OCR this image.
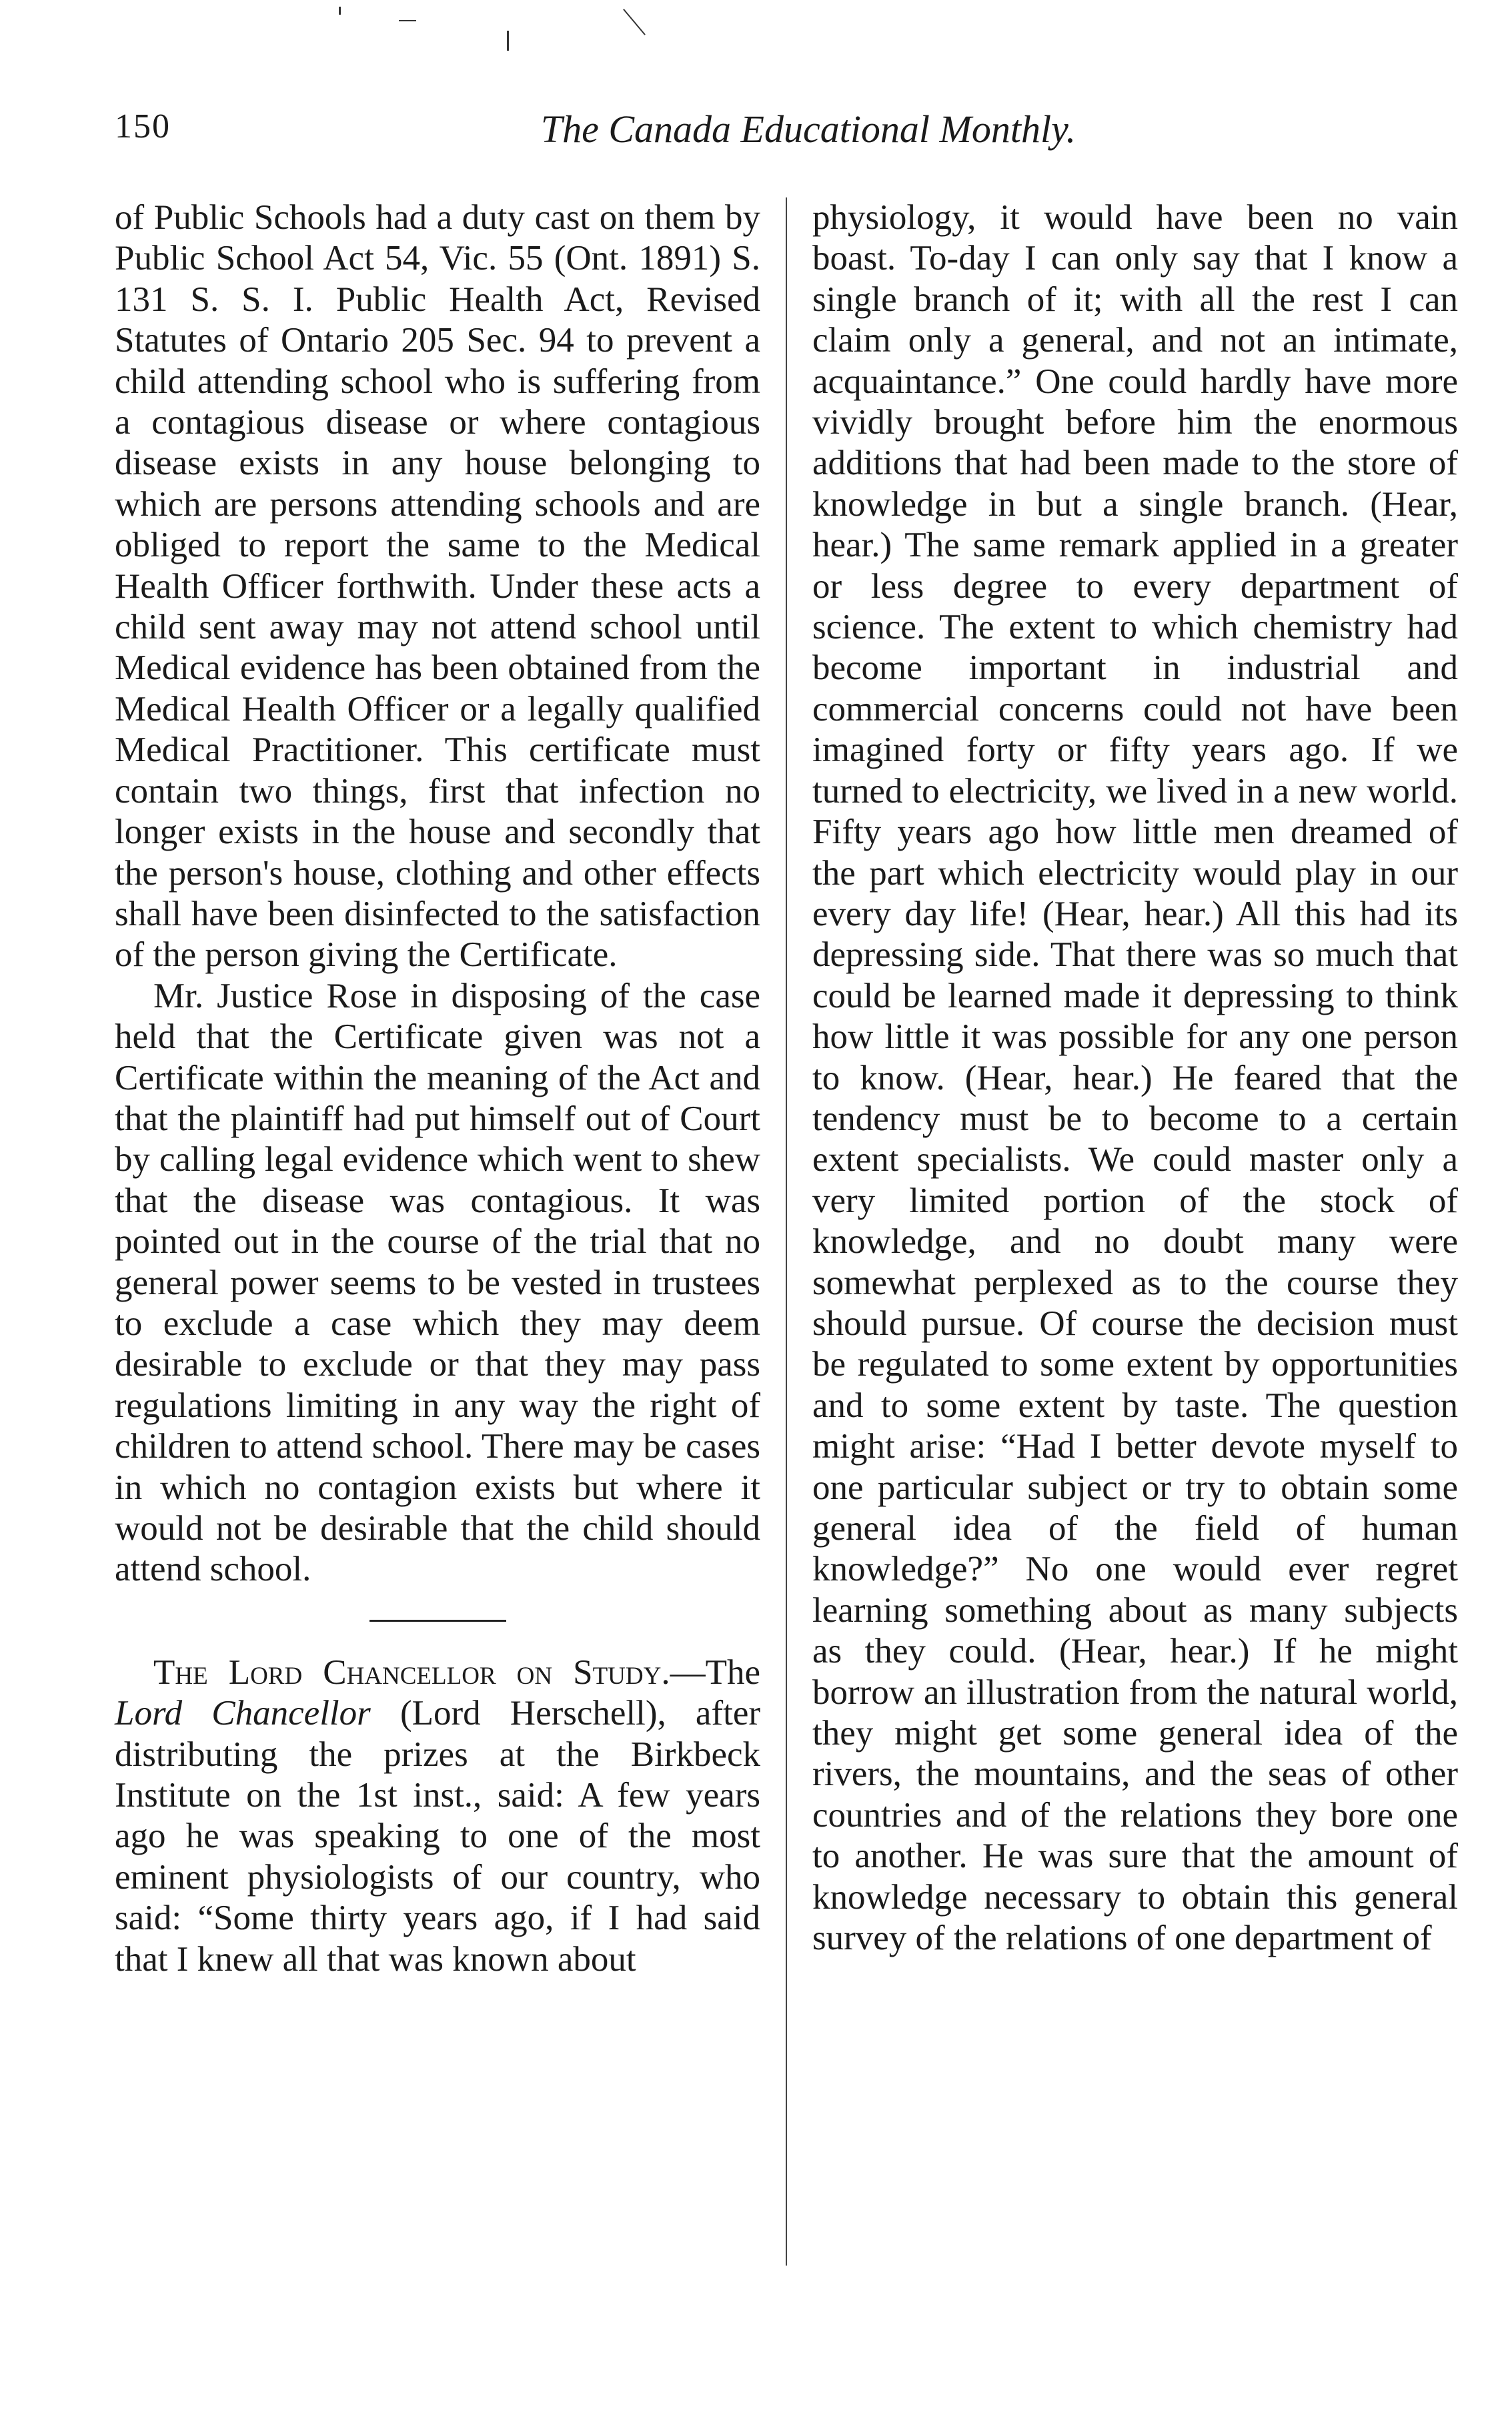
150	The Canada Educational Monthly.

of Public Schools had a duty cast on them by Public School Act 54, Vic. 55 (Ont. 1891) S. 131 S. S. I. Public Health Act, Revised Statutes of Ontario 205 Sec. 94 to prevent a child attending school who is suffering from a contagious disease or where contagious disease exists in any house belonging to which are persons attending schools and are obliged to report the same to the Medical Health Officer forthwith. Under these acts a child sent away may not attend school until Medical evidence has been obtained from the Medical Health Officer or a legally qualified Medical Practitioner. This certificate must contain two things, first that infection no longer exists in the house and secondly that the person's house, clothing and other effects shall have been disinfected to the satisfaction of the person giving the Certificate.

Mr. Justice Rose in disposing of the case held that the Certificate given was not a Certificate within the meaning of the Act and that the plaintiff had put himself out of Court by calling legal evidence which went to shew that the disease was contagious. It was pointed out in the course of the trial that no general power seems to be vested in trustees to exclude a case which they may deem desirable to exclude or that they may pass regulations limiting in any way the right of children to attend school. There may be cases in which no contagion exists but where it would not be desirable that the child should attend school.

The Lord Chancellor on Study.—The Lord Chancellor (Lord Herschell), after distributing the prizes at the Birkbeck Institute on the 1st inst., said: A few years ago he was speaking to one of the most eminent physiologists of our country, who said: “Some thirty years ago, if I had said that I knew all that was known about

physiology, it would have been no vain boast. To-day I can only say that I know a single branch of it; with all the rest I can claim only a general, and not an intimate, acquaintance.” One could hardly have more vividly brought before him the enormous additions that had been made to the store of knowledge in but a single branch. (Hear, hear.) The same remark applied in a greater or less degree to every department of science. The extent to which chemistry had become important in industrial and commercial concerns could not have been imagined forty or fifty years ago. If we turned to electricity, we lived in a new world. Fifty years ago how little men dreamed of the part which electricity would play in our every day life! (Hear, hear.) All this had its depressing side. That there was so much that could be learned made it depressing to think how little it was possible for any one person to know. (Hear, hear.) He feared that the tendency must be to become to a certain extent specialists. We could master only a very limited portion of the stock of knowledge, and no doubt many were somewhat perplexed as to the course they should pursue. Of course the decision must be regulated to some extent by opportunities and to some extent by taste. The question might arise: “Had I better devote myself to one particular subject or try to obtain some general idea of the field of human knowledge?” No one would ever regret learning something about as many subjects as they could. (Hear, hear.) If he might borrow an illustration from the natural world, they might get some general idea of the rivers, the mountains, and the seas of other countries and of the relations they bore one to another. He was sure that the amount of knowledge necessary to obtain this general survey of the relations of one department of
